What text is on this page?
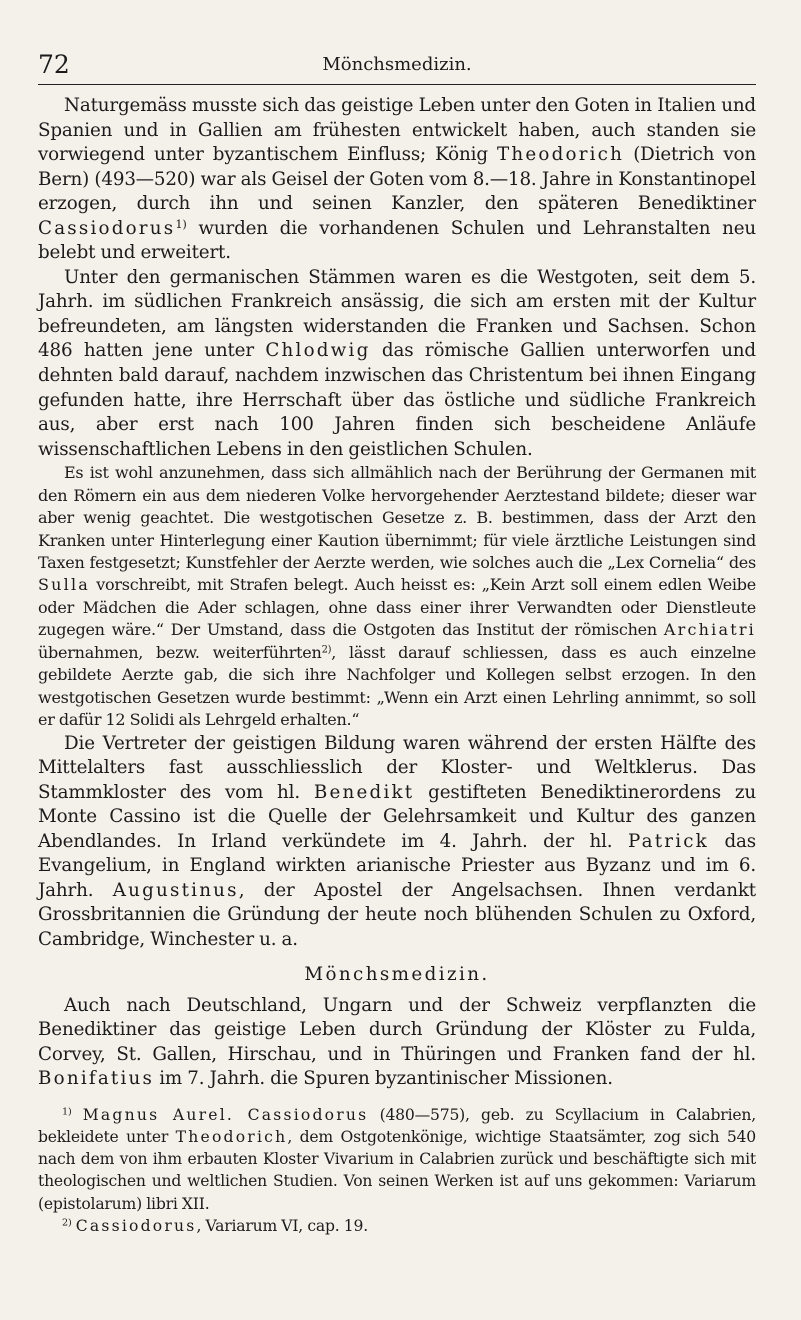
72	Mönchsmedizin.

Naturgemäss musste sich das geistige Leben unter den Goten in Italien und Spanien und in Gallien am frühesten entwickelt haben, auch standen sie vorwiegend unter byzantischem Einfluss; König Theodorich (Dietrich von Bern) (493—520) war als Geisel der Goten vom 8.—18. Jahre in Konstantinopel erzogen, durch ihn und seinen Kanzler, den späteren Benediktiner Cassiodorus$^{1)}$ wurden die vorhandenen Schulen und Lehranstalten neu belebt und erweitert.

Unter den germanischen Stämmen waren es die Westgoten, seit dem 5. Jahrh. im südlichen Frankreich ansässig, die sich am ersten mit der Kultur befreundeten, am längsten widerstanden die Franken und Sachsen. Schon 486 hatten jene unter Chlodwig das römische Gallien unterworfen und dehnten bald darauf, nachdem inzwischen das Christentum bei ihnen Eingang gefunden hatte, ihre Herrschaft über das östliche und südliche Frankreich aus, aber erst nach 100 Jahren finden sich bescheidene Anläufe wissenschaftlichen Lebens in den geistlichen Schulen.

Es ist wohl anzunehmen, dass sich allmählich nach der Berührung der Germanen mit den Römern ein aus dem niederen Volke hervorgehender Aerztestand bildete; dieser war aber wenig geachtet. Die westgotischen Gesetze z. B. bestimmen, dass der Arzt den Kranken unter Hinterlegung einer Kaution übernimmt; für viele ärztliche Leistungen sind Taxen festgesetzt; Kunstfehler der Aerzte werden, wie solches auch die „Lex Cornelia“ des Sulla vorschreibt, mit Strafen belegt. Auch heisst es: „Kein Arzt soll einem edlen Weibe oder Mädchen die Ader schlagen, ohne dass einer ihrer Verwandten oder Dienstleute zugegen wäre.“ Der Umstand, dass die Ostgoten das Institut der römischen Archiatri übernahmen, bezw. weiterführten$^{2)}$, lässt darauf schliessen, dass es auch einzelne gebildete Aerzte gab, die sich ihre Nachfolger und Kollegen selbst erzogen. In den westgotischen Gesetzen wurde bestimmt: „Wenn ein Arzt einen Lehrling annimmt, so soll er dafür 12 Solidi als Lehrgeld erhalten.“

Die Vertreter der geistigen Bildung waren während der ersten Hälfte des Mittelalters fast ausschliesslich der Kloster- und Weltklerus. Das Stammkloster des vom hl. Benedikt gestifteten Benediktinerordens zu Monte Cassino ist die Quelle der Gelehrsamkeit und Kultur des ganzen Abendlandes. In Irland verkündete im 4. Jahrh. der hl. Patrick das Evangelium, in England wirkten arianische Priester aus Byzanz und im 6. Jahrh. Augustinus, der Apostel der Angelsachsen. Ihnen verdankt Grossbritannien die Gründung der heute noch blühenden Schulen zu Oxford, Cambridge, Winchester u. a.

Mönchsmedizin.

Auch nach Deutschland, Ungarn und der Schweiz verpflanzten die Benediktiner das geistige Leben durch Gründung der Klöster zu Fulda, Corvey, St. Gallen, Hirschau, und in Thüringen und Franken fand der hl. Bonifatius im 7. Jahrh. die Spuren byzantinischer Missionen.

$^{1)}$ Magnus Aurel. Cassiodorus (480—575), geb. zu Scyllacium in Calabrien, bekleidete unter Theodorich, dem Ostgotenkönige, wichtige Staatsämter, zog sich 540 nach dem von ihm erbauten Kloster Vivarium in Calabrien zurück und beschäftigte sich mit theologischen und weltlichen Studien. Von seinen Werken ist auf uns gekommen: Variarum (epistolarum) libri XII.

$^{2)}$ Cassiodorus, Variarum VI, cap. 19.
